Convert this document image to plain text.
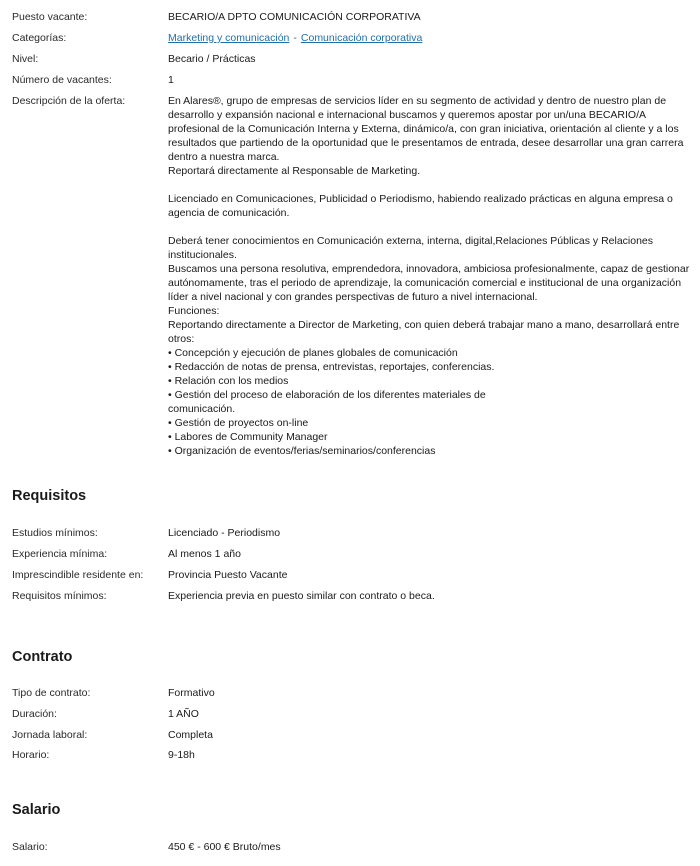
Puesto vacante:	BECARIO/A DPTO COMUNICACIÓN CORPORATIVA
Categorías:	Marketing y comunicación - Comunicación corporativa
Nivel:	Becario / Prácticas
Número de vacantes:	1
Descripción de la oferta:	En Alares®, grupo de empresas de servicios líder en su segmento de actividad y dentro de nuestro plan de desarrollo y expansión nacional e internacional buscamos y queremos apostar por un/una BECARIO/A profesional de la Comunicación Interna y Externa, dinámico/a, con gran iniciativa, orientación al cliente y a los resultados que partiendo de la oportunidad que le presentamos de entrada, desee desarrollar una gran carrera dentro a nuestra marca.

Reportará directamente al Responsable de Marketing.

Licenciado en Comunicaciones, Publicidad o Periodismo, habiendo realizado prácticas en alguna empresa o agencia de comunicación.

Deberá tener conocimientos en Comunicación externa, interna, digital,Relaciones Públicas y Relaciones institucionales.

Buscamos una persona resolutiva, emprendedora, innovadora, ambiciosa profesionalmente, capaz de gestionar autónomamente, tras el periodo de aprendizaje, la comunicación comercial e institucional de una organización líder a nivel nacional y con grandes perspectivas de futuro a nivel internacional.

Funciones:

Reportando directamente a Director de Marketing, con quien deberá trabajar mano a mano, desarrollará entre otros:

• Concepción y ejecución de planes globales de comunicación

• Redacción de notas de prensa, entrevistas, reportajes, conferencias.

• Relación con los medios

• Gestión del proceso de elaboración de los diferentes materiales de

comunicación.

• Gestión de proyectos on-line

• Labores de Community Manager

• Organización de eventos/ferias/seminarios/conferencias

Requisitos
Estudios mínimos:	Licenciado - Periodismo
Experiencia mínima:	Al menos 1 año
Imprescindible residente en:	Provincia Puesto Vacante
Requisitos mínimos:	Experiencia previa en puesto similar con contrato o beca.
Contrato
Tipo de contrato:	Formativo
Duración:	1 AÑO
Jornada laboral:	Completa
Horario:	9-18h
Salario
Salario:	450 € - 600 € Bruto/mes
